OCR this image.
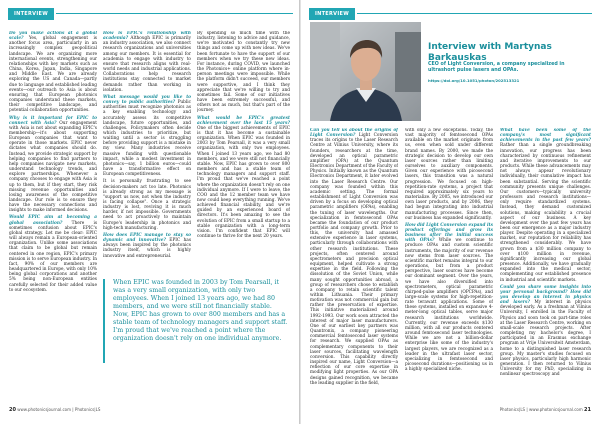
INTERVIEW

Do you make actions at a global scale? Yes, global engagement is another focus area, particularly in an increasingly complex geopolitical landscape. We are organizing more international events, strengthening our relationships with key markets such as China, Korea, Japan, India, Singapore and Middle East. We are already exploring the US and Canada—partly due to language and established leading events—our outreach to Asia is about ensuring that European photonics companies understand these markets, their competitive landscape, and potential collaboration opportunities.

Why is it important for EPIC to connect with Asia? Our engagement with Asia is not about expanding EPIC's membership—it's about supporting European companies that want to operate in those markets. EPIC never dictates what companies should do. Instead, we provide strategic support by helping companies to find partners to help companies navigate new markets, understand technology trends, and explore partnerships. Whenever a company chooses to engage with Asia is up to them, but if they start, they risk missing revenue opportunities and losing awareness of the competitive landscape. Our role is to ensure they have the necessary connections and insights to make informed decisions.

Would EPIC aim at becoming a global association? There is sometimes confusion about EPIC's global strategy. Let me be clear: EPIC will always remain a European-oriented organization. Unlike some associations that claim to be global but remain centered in one region, EPIC's primary mission is to serve European industry. In fact, 90% of our members are headquartered in Europe, with only 10% being global corporations and another 5% being non-European entities carefully selected for their added value to our ecosystem.

How is EPIC's relationship with academia? Although EPIC is primarily an industry association, we also connect research organizations and universities among our members. It is essential for academia to engage with industry to ensure that research aligns with real-world needs and industrial applications. Collaborations help research institutions stay connected to market demands rather than working in isolation.

What message would you like to convey to public authorities? Public authorities must recognize photonics as a key enabling technology and accurately assess its competitive landscape, future opportunities, and challenges. Policymakers often decide which industries to prioritize, but waiting until a sector is struggling before providing support is a mistake in my view. Many industries receive massive funding with questionable impact, while a modest investment in photonics—say, 1 billion euros—could have a transformative effect on European competitiveness.

It is personally frustrating to see decision-makers act too late. Photonics is already strong as my message is "support us now, not when the industry is facing collapse". Once a strategic industry is lost, reviving it is much harder, if not impossible. Governments need to act proactively to maintain Europe's leadership in photonics and high-tech manufacturing.

How does EPIC manage to stay so dynamic and innovative? EPIC has always been inspired by the photonics industry itself, which is highly innovative and entrepreneurial.

By spending so much time with the industry, listening to advice and guidance, we're motivated to constantly try new things and come up with new ideas. We've been fortunate to have the support of our members when we try these new ideas. For instance, during COVID, we launched the Photonics+ online platform where in-person meetings were impossible. While the platform didn't succeed, our members were supportive, and I think they appreciate that we're willing to try and sometimes fail. Some of our initiatives have been extremely successful, and others not as much, but that's part of the journey.

What would be EPIC's greatest achievement over the last 15 years? One of the biggest achievements of EPIC is that it has become a sustainable organization. When EPIC was founded in 2003 by Tom Pearsall, it was a very small organization, with only two employees. When I joined 13 years ago, we had 80 members, and we were still not financially stable. Now, EPIC has grown to over 800 members and has a stable team of technology managers and support staff. I'm proud that we've reached a point where the organization doesn't rely on one individual anymore. If I were to leave, the COO and the 12 member team we have now could keep everything running. We've achieved financial stability, and we're guided by an experienced board of directors. It's been amazing to see the evolution of EPIC from a small startup to a stable organization with a long-term vision. I'm confident that EPIC will continue to thrive for the next 20 years.

When EPIC was founded in 2003 by Tom Pearsall, it was a very small organization, with only two employees. When I joined 13 years ago, we had 80 members, and we were still not financially stable. Now, EPIC has grown to over 800 members and has a stable team of technology managers and support staff. I'm proud that we've reached a point where the organization doesn't rely on one individual anymore.
20 www.photonicsjournal.com | Photonics|LS
INTERVIEW
Interview with Martynas Barkauskas
CEO of Light Conversion, a company specialized in ultrashort pulse lasers and OPAs.
https://doi.org/10.1051/photon/202513321

Can you tell us about the origins of Light Conversion? Light Conversion traces its origins to the Laser Research Centre at Vilnius University, where its founders, researchers at the time, developed an optical parametric amplifier (OPA) at the Quantum Electronics Department of the Faculty of Physics. Initially known as the Quantum Electronics Department, it later evolved into the Laser Research Centre. Our company was founded within this academic setting. The formal establishment of Light Conversion was driven by a focus on developing optical parametric amplifiers (OPAs), enabling the tuning of laser wavelengths. Our specialization in femtosecond OPAs became the foundation of our product portfolio and company growth. Prior to this, the university had amassed extensive experience in laser systems, particularly through collaborations with other research institutions. These projects, often centered around spectrometers and precision optical equipment, helped cultivate a strong expertise in the field. Following the dissolution of the Soviet Union, while many sought opportunities abroad, a group of researchers chose to establish a company to retain scientific talent within Lithuania. Their primary motivation was not commercial gain but rather the preservation of expertise. This initiative materialized around 1992-1993. Our work soon attracted the interest of major laser manufacturers. One of our earliest key partners was Quantronix, a company pioneering commercial femtosecond laser systems for research. We supplied OPAs as complementary components to their laser sources, facilitating wavelength conversion. This capability directly inspired our name, Light Conversion—a reflection of our core expertise in modifying light properties. As our OPA designs gained recognition, we became the leading supplier in the field,

with only a few exceptions. Today, the vast majority of femtosecond OPAs available on the market originate from us, even when sold under different brand names. By 2000, we made the strategic decision to develop our own laser sources rather than limiting ourselves to auxiliary components. Given our experience with picosecond lasers, this transition was a natural progression. We focused on high-repetition-rate systems, a project that required approximately six years to materialize. By 2005, we introduced our own laser products, and by 2006, they had begun integrating into industrial manufacturing processes. Since then, our business has expanded significantly.

How did Light Conversion expand its product offerings and grow its business after the initial success with OPAs? While we continue to produce OPAs and custom scientific instruments, the majority of our revenue now stems from laser sources. The scientific market remains integral to our operations, but from a product perspective, laser sources have become our dominant segment. Over the years, we have also diversified into spectrometers, optical parametric chirped-pulse amplifiers (OPCPAs), and large-scale systems for high-repetition-rate terawatt applications. Some of these systems, installed on expansive 4-meter-long optical tables, serve major research institutions worldwide. Currently, our revenue exceeds $130 million, with all our products centered around femtosecond laser technologies. While we are not a billion-dollar enterprise like some of the industry's largest players, we are recognized as a leader in the ultrafast laser sector, specializing in femtosecond and picosecond durations—positioning us in a highly specialized niche.

What have been some of the company's most significant achievements in the past few years? Rather than a single groundbreaking innovation, our progress has been characterized by continuous refinement and iterative improvements to our products. While these advancements may not always appear revolutionary individually, their cumulative impact has been substantial. Serving the scientific community presents unique challenges. Our customers—typically university professors and research institutions—only require standardized systems. Instead, they demand customized solutions, making scalability a crucial aspect of our business. A key development over the past few years has been our emergence as a major industry player. Despite operating in a specialized market, our reputation for reliability has strengthened considerably. We have grown from a $30 million company to over $100 million in revenue, significantly increasing our global presence. Additionally, we have gradually expanded into the medical sector, complementing our established presence in industrial and scientific markets.

Could you share some insights into your personal background? How did you develop an interest in physics and lasers? My interest in physics developed early. As a freshman at Vilnius University, I enrolled in the Faculty of Physics and soon took on part-time roles at the Laser Research Centre, working on small-scale research projects. After completing my bachelor's degree, I participated in an Erasmus exchange program at Vrije Universiteit Amsterdam, home to a distinguished laser research group. My master's studies focused on laser physics, particularly high harmonic generation. I then returned to Vilnius University for my PhD, specializing in nonlinear spectroscopy and

Photonics|LS | www.photonicsjournal.com 21
